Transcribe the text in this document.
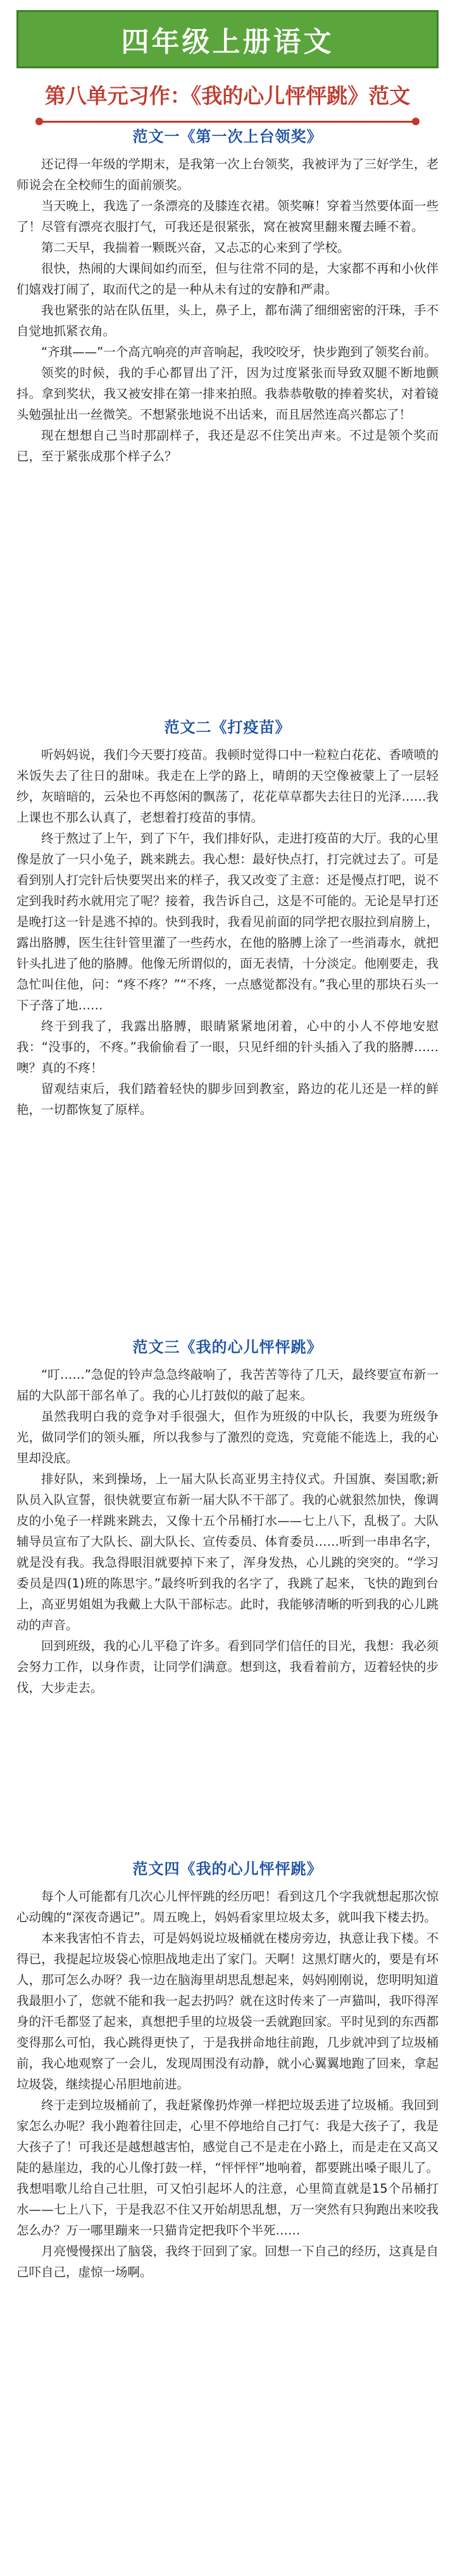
四年级上册语文
第八单元习作：《我的心儿怦怦跳》范文
范文一《第一次上台领奖》

还记得一年级的学期末，是我第一次上台领奖，我被评为了三好学生，老师说会在全校师生的面前颁奖。

当天晚上，我选了一条漂亮的及膝连衣裙。领奖嘛！穿着当然要体面一些了！尽管有漂亮衣服打气，可我还是很紧张，窝在被窝里翻来覆去睡不着。

第二天早，我揣着一颗既兴奋，又忐忑的心来到了学校。

很快，热闹的大课间如约而至，但与往常不同的是，大家都不再和小伙伴们嬉戏打闹了，取而代之的是一种从未有过的安静和严肃。

我也紧张的站在队伍里，头上，鼻子上，都布满了细细密密的汗珠，手不自觉地抓紧衣角。

“齐琪——”一个高亢响亮的声音响起，我咬咬牙，快步跑到了领奖台前。

领奖的时候，我的手心都冒出了汗，因为过度紧张而导致双腿不断地颤抖。拿到奖状，我又被安排在第一排来拍照。我恭恭敬敬的捧着奖状，对着镜头勉强扯出一丝微笑。不想紧张地说不出话来，而且居然连高兴都忘了！

现在想想自己当时那副样子，我还是忍不住笑出声来。不过是领个奖而已，至于紧张成那个样子么？

范文二《打疫苗》

听妈妈说，我们今天要打疫苗。我顿时觉得口中一粒粒白花花、香喷喷的米饭失去了往日的甜味。我走在上学的路上，晴朗的天空像被蒙上了一层轻纱，灰暗暗的，云朵也不再悠闲的飘荡了，花花草草都失去往日的光泽……我上课也不那么认真了，老想着打疫苗的事情。

终于熬过了上午，到了下午，我们排好队，走进打疫苗的大厅。我的心里像是放了一只小兔子，跳来跳去。我心想：最好快点打，打完就过去了。可是看到别人打完针后快要哭出来的样子，我又改变了主意：还是慢点打吧，说不定到我时药水就用完了呢？接着，我告诉自己，这是不可能的。无论是早打还是晚打这一针是逃不掉的。快到我时，我看见前面的同学把衣服拉到肩膀上，露出胳膊，医生往针管里灌了一些药水，在他的胳膊上涂了一些消毒水，就把针头扎进了他的胳膊。他像无所谓似的，面无表情，十分淡定。他刚要走，我急忙叫住他，问：“疼不疼？”“不疼，一点感觉都没有。”我心里的那块石头一下子落了地……

终于到我了，我露出胳膊，眼睛紧紧地闭着，心中的小人不停地安慰我：“没事的，不疼。”我偷偷看了一眼，只见纤细的针头插入了我的胳膊……噢？真的不疼！

留观结束后，我们踏着轻快的脚步回到教室，路边的花儿还是一样的鲜艳，一切都恢复了原样。

范文三《我的心儿怦怦跳》

“叮……”急促的铃声急急终敲响了，我苦苦等待了几天，最终要宣布新一届的大队部干部名单了。我的心儿打鼓似的敲了起来。

虽然我明白我的竞争对手很强大，但作为班级的中队长，我要为班级争光，做同学们的领头雁，所以我参与了激烈的竞选，究竟能不能选上，我的心里却没底。

排好队，来到操场，上一届大队长高亚男主持仪式。升国旗、奏国歌;新队员入队宣誓，很快就要宣布新一届大队不干部了。我的心就狠然加快，像调皮的小兔子一样跳来跳去，又像十五个吊桶打水——七上八下，乱极了。大队辅导员宣布了大队长、副大队长、宣传委员、体育委员……听到一串串名字，就是没有我。我急得眼泪就要掉下来了，浑身发热，心儿跳的突突的。“学习委员是四(1)班的陈思宇。”最终听到我的名字了，我跳了起来，飞快的跑到台上，高亚男姐姐为我戴上大队干部标志。此时，我能够清晰的听到我的心儿跳动的声音。

回到班级，我的心儿平稳了许多。看到同学们信任的目光，我想：我必须会努力工作，以身作责，让同学们满意。想到这，我看着前方，迈着轻快的步伐，大步走去。

范文四《我的心儿怦怦跳》

每个人可能都有几次心儿怦怦跳的经历吧！看到这几个字我就想起那次惊心动魄的“深夜奇遇记”。周五晚上，妈妈看家里垃圾太多，就叫我下楼去扔。

本来我害怕不肯去，可是妈妈说垃圾桶就在楼房旁边，执意让我下楼。不得已，我提起垃圾袋心惊胆战地走出了家门。天啊！这黑灯瞎火的，要是有坏人，那可怎么办呀？我一边在脑海里胡思乱想起来，妈妈刚刚说，您明明知道我最胆小了，您就不能和我一起去扔吗？就在这时传来了一声猫叫，我吓得浑身的汗毛都竖了起来，真想把手里的垃圾袋一丢就跑回家。平时见到的东西都变得那么可怕，我心跳得更快了，于是我拼命地往前跑，几步就冲到了垃圾桶前，我心地观察了一会儿，发现周围没有动静，就小心翼翼地跑了回来，拿起垃圾袋，继续提心吊胆地前进。

终于走到垃圾桶前了，我赶紧像扔炸弹一样把垃圾丢进了垃圾桶。我回到家怎么办呢？我小跑着往回走，心里不停地给自己打气：我是大孩子了，我是大孩子了！可我还是越想越害怕，感觉自己不是走在小路上，而是走在又高又陡的悬崖边，我的心儿像打鼓一样，“怦怦怦”地响着，都要跳出嗓子眼儿了。我想唱歌儿给自己壮胆，可又怕引起坏人的注意，心里简直就是15个吊桶打水——七上八下，于是我忍不住又开始胡思乱想，万一突然有只狗跑出来咬我怎么办？万一哪里蹦来一只猫肯定把我吓个半死……

月亮慢慢探出了脑袋，我终于回到了家。回想一下自己的经历，这真是自己吓自己，虚惊一场啊。
